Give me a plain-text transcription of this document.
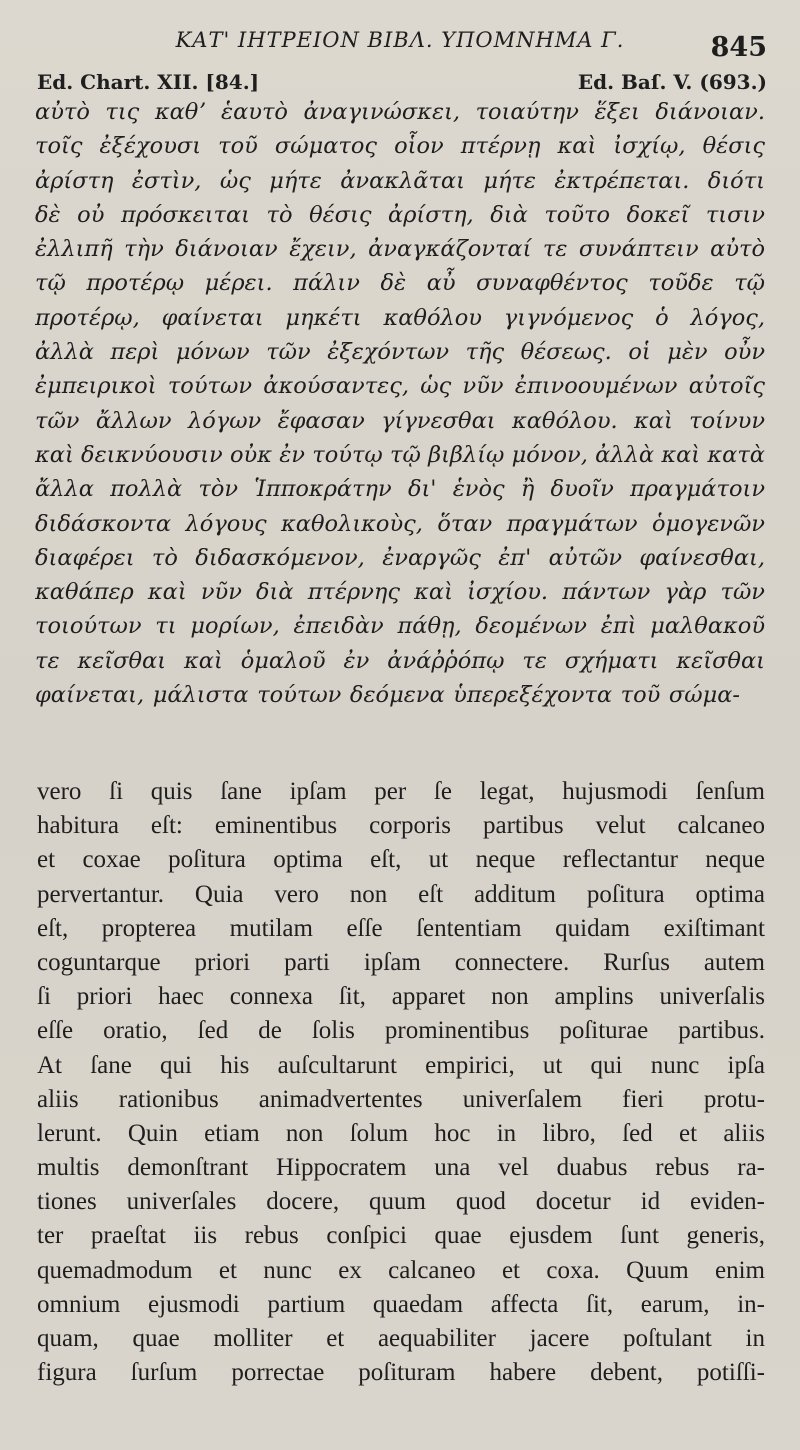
ΚΑΤ' ΙΗΤΡΕΙΟΝ ΒΙΒΛ. ΥΠΟΜΝΗΜΑ Γ.	845
Ed. Chart. XII. [84.]	Ed. Baſ. V. (693.)
αὐτὸ τις καθʼ ἑαυτὸ ἀναγινώσκει, τοιαύτην ἕξει διάνοιαν.
τοῖς ἐξέχουσι τοῦ σώματος οἷον πτέρνῃ καὶ ἰσχίῳ, θέσις
ἀρίστη ἐστὶν, ὡς μήτε ἀνακλᾶται μήτε ἐκτρέπεται. διότι
δὲ οὐ πρόσκειται τὸ θέσις ἀρίστη, διὰ τοῦτο δοκεῖ τισιν
ἐλλιπῆ τὴν διάνοιαν ἔχειν, ἀναγκάζονταί τε συνάπτειν αὐτὸ
τῷ προτέρῳ μέρει. πάλιν δὲ αὖ συναφθέντος τοῦδε τῷ
προτέρῳ, φαίνεται μηκέτι καθόλου γιγνόμενος ὁ λόγος,
ἀλλὰ περὶ μόνων τῶν ἐξεχόντων τῆς θέσεως. οἱ μὲν οὖν
ἐμπειρικοὶ τούτων ἀκούσαντες, ὡς νῦν ἐπινοουμένων αὐτοῖς
τῶν ἄλλων λόγων ἔφασαν γίγνεσθαι καθόλου. καὶ τοίνυν
καὶ δεικνύουσιν οὐκ ἐν τούτῳ τῷ βιβλίῳ μόνον, ἀλλὰ καὶ κατὰ
ἄλλα πολλὰ τὸν Ἱπποκράτην δι' ἑνὸς ἢ δυοῖν πραγμάτοιν
διδάσκοντα λόγους καθολικοὺς, ὅταν πραγμάτων ὁμογενῶν
διαφέρει τὸ διδασκόμενον, ἐναργῶς ἐπ' αὐτῶν φαίνεσθαι,
καθάπερ καὶ νῦν διὰ πτέρνης καὶ ἰσχίου. πάντων γὰρ τῶν
τοιούτων τι μορίων, ἐπειδὰν πάθῃ, δεομένων ἐπὶ μαλθακοῦ
τε κεῖσθαι καὶ ὁμαλοῦ ἐν ἀνάῤῥόπῳ τε σχήματι κεῖσθαι
φαίνεται, μάλιστα τούτων δεόμενα ὑπερεξέχοντα τοῦ σώμα-
vero ſi quis ſane ipſam per ſe legat, hujusmodi ſenſum
habitura eſt: eminentibus corporis partibus velut calcaneo
et coxae poſitura optima eſt, ut neque reflectantur neque
pervertantur. Quia vero non eſt additum poſitura optima
eſt, propterea mutilam eſſe ſententiam quidam exiſtimant
coguntarque priori parti ipſam connectere. Rurſus autem
ſi priori haec connexa ſit, apparet non amplins univerſalis
eſſe oratio, ſed de ſolis prominentibus poſiturae partibus.
At ſane qui his auſcultarunt empirici, ut qui nunc ipſa
aliis rationibus animadvertentes univerſalem fieri protu-
lerunt. Quin etiam non ſolum hoc in libro, ſed et aliis
multis demonſtrant Hippocratem una vel duabus rebus ra-
tiones univerſales docere, quum quod docetur id eviden-
ter praeſtat iis rebus conſpici quae ejusdem ſunt generis,
quemadmodum et nunc ex calcaneo et coxa. Quum enim
omnium ejusmodi partium quaedam affecta ſit, earum, in-
quam, quae molliter et aequabiliter jacere poſtulant in
figura ſurſum porrectae poſituram habere debent, potiſſi-
